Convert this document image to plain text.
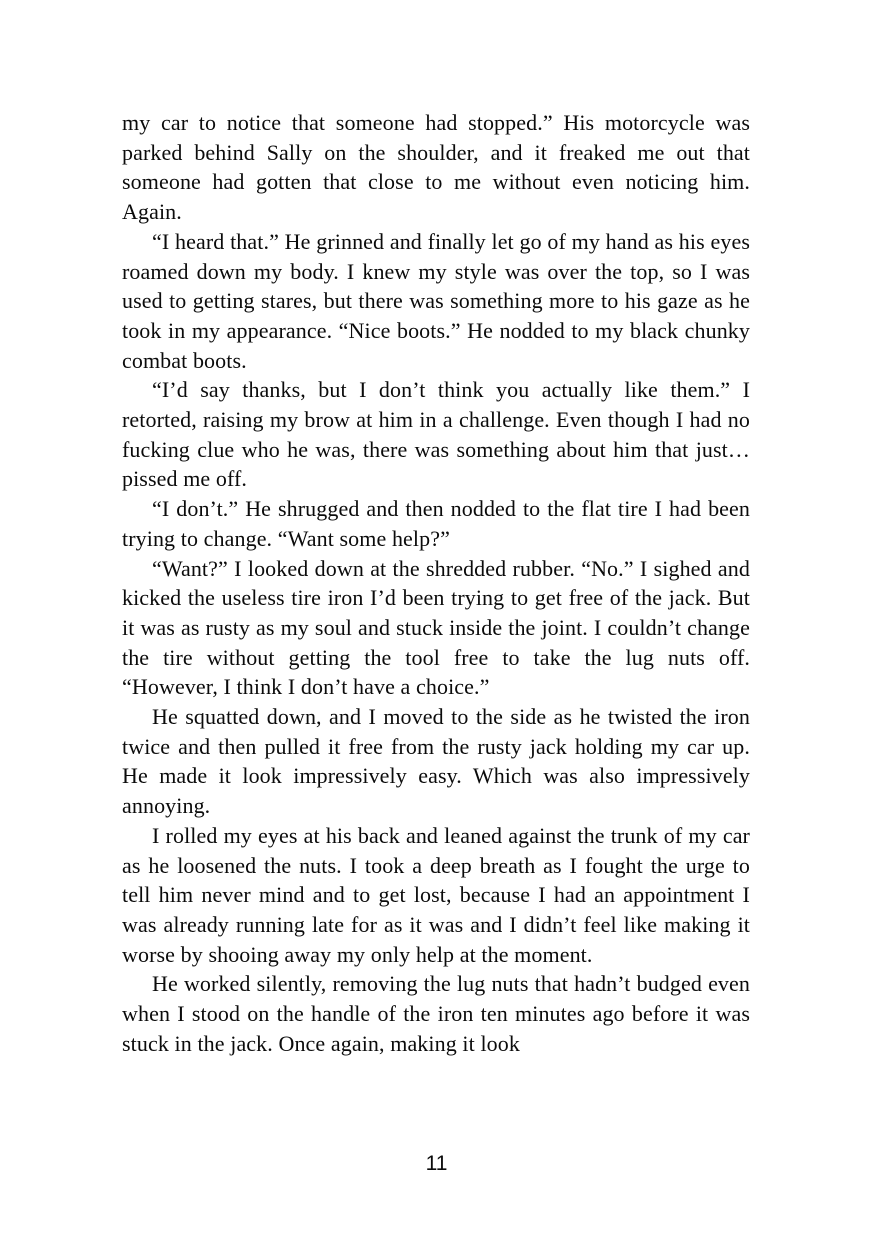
my car to notice that someone had stopped.” His motorcycle was parked behind Sally on the shoulder, and it freaked me out that someone had gotten that close to me without even noticing him. Again.

“I heard that.” He grinned and finally let go of my hand as his eyes roamed down my body. I knew my style was over the top, so I was used to getting stares, but there was something more to his gaze as he took in my appearance. “Nice boots.” He nodded to my black chunky combat boots.

“I’d say thanks, but I don’t think you actually like them.” I retorted, raising my brow at him in a challenge. Even though I had no fucking clue who he was, there was something about him that just… pissed me off.

“I don’t.” He shrugged and then nodded to the flat tire I had been trying to change. “Want some help?”

“Want?” I looked down at the shredded rubber. “No.” I sighed and kicked the useless tire iron I’d been trying to get free of the jack. But it was as rusty as my soul and stuck inside the joint. I couldn’t change the tire without getting the tool free to take the lug nuts off. “However, I think I don’t have a choice.”

He squatted down, and I moved to the side as he twisted the iron twice and then pulled it free from the rusty jack holding my car up. He made it look impressively easy. Which was also impressively annoying.

I rolled my eyes at his back and leaned against the trunk of my car as he loosened the nuts. I took a deep breath as I fought the urge to tell him never mind and to get lost, because I had an appointment I was already running late for as it was and I didn’t feel like making it worse by shooing away my only help at the moment.

He worked silently, removing the lug nuts that hadn’t budged even when I stood on the handle of the iron ten minutes ago before it was stuck in the jack. Once again, making it look

11
